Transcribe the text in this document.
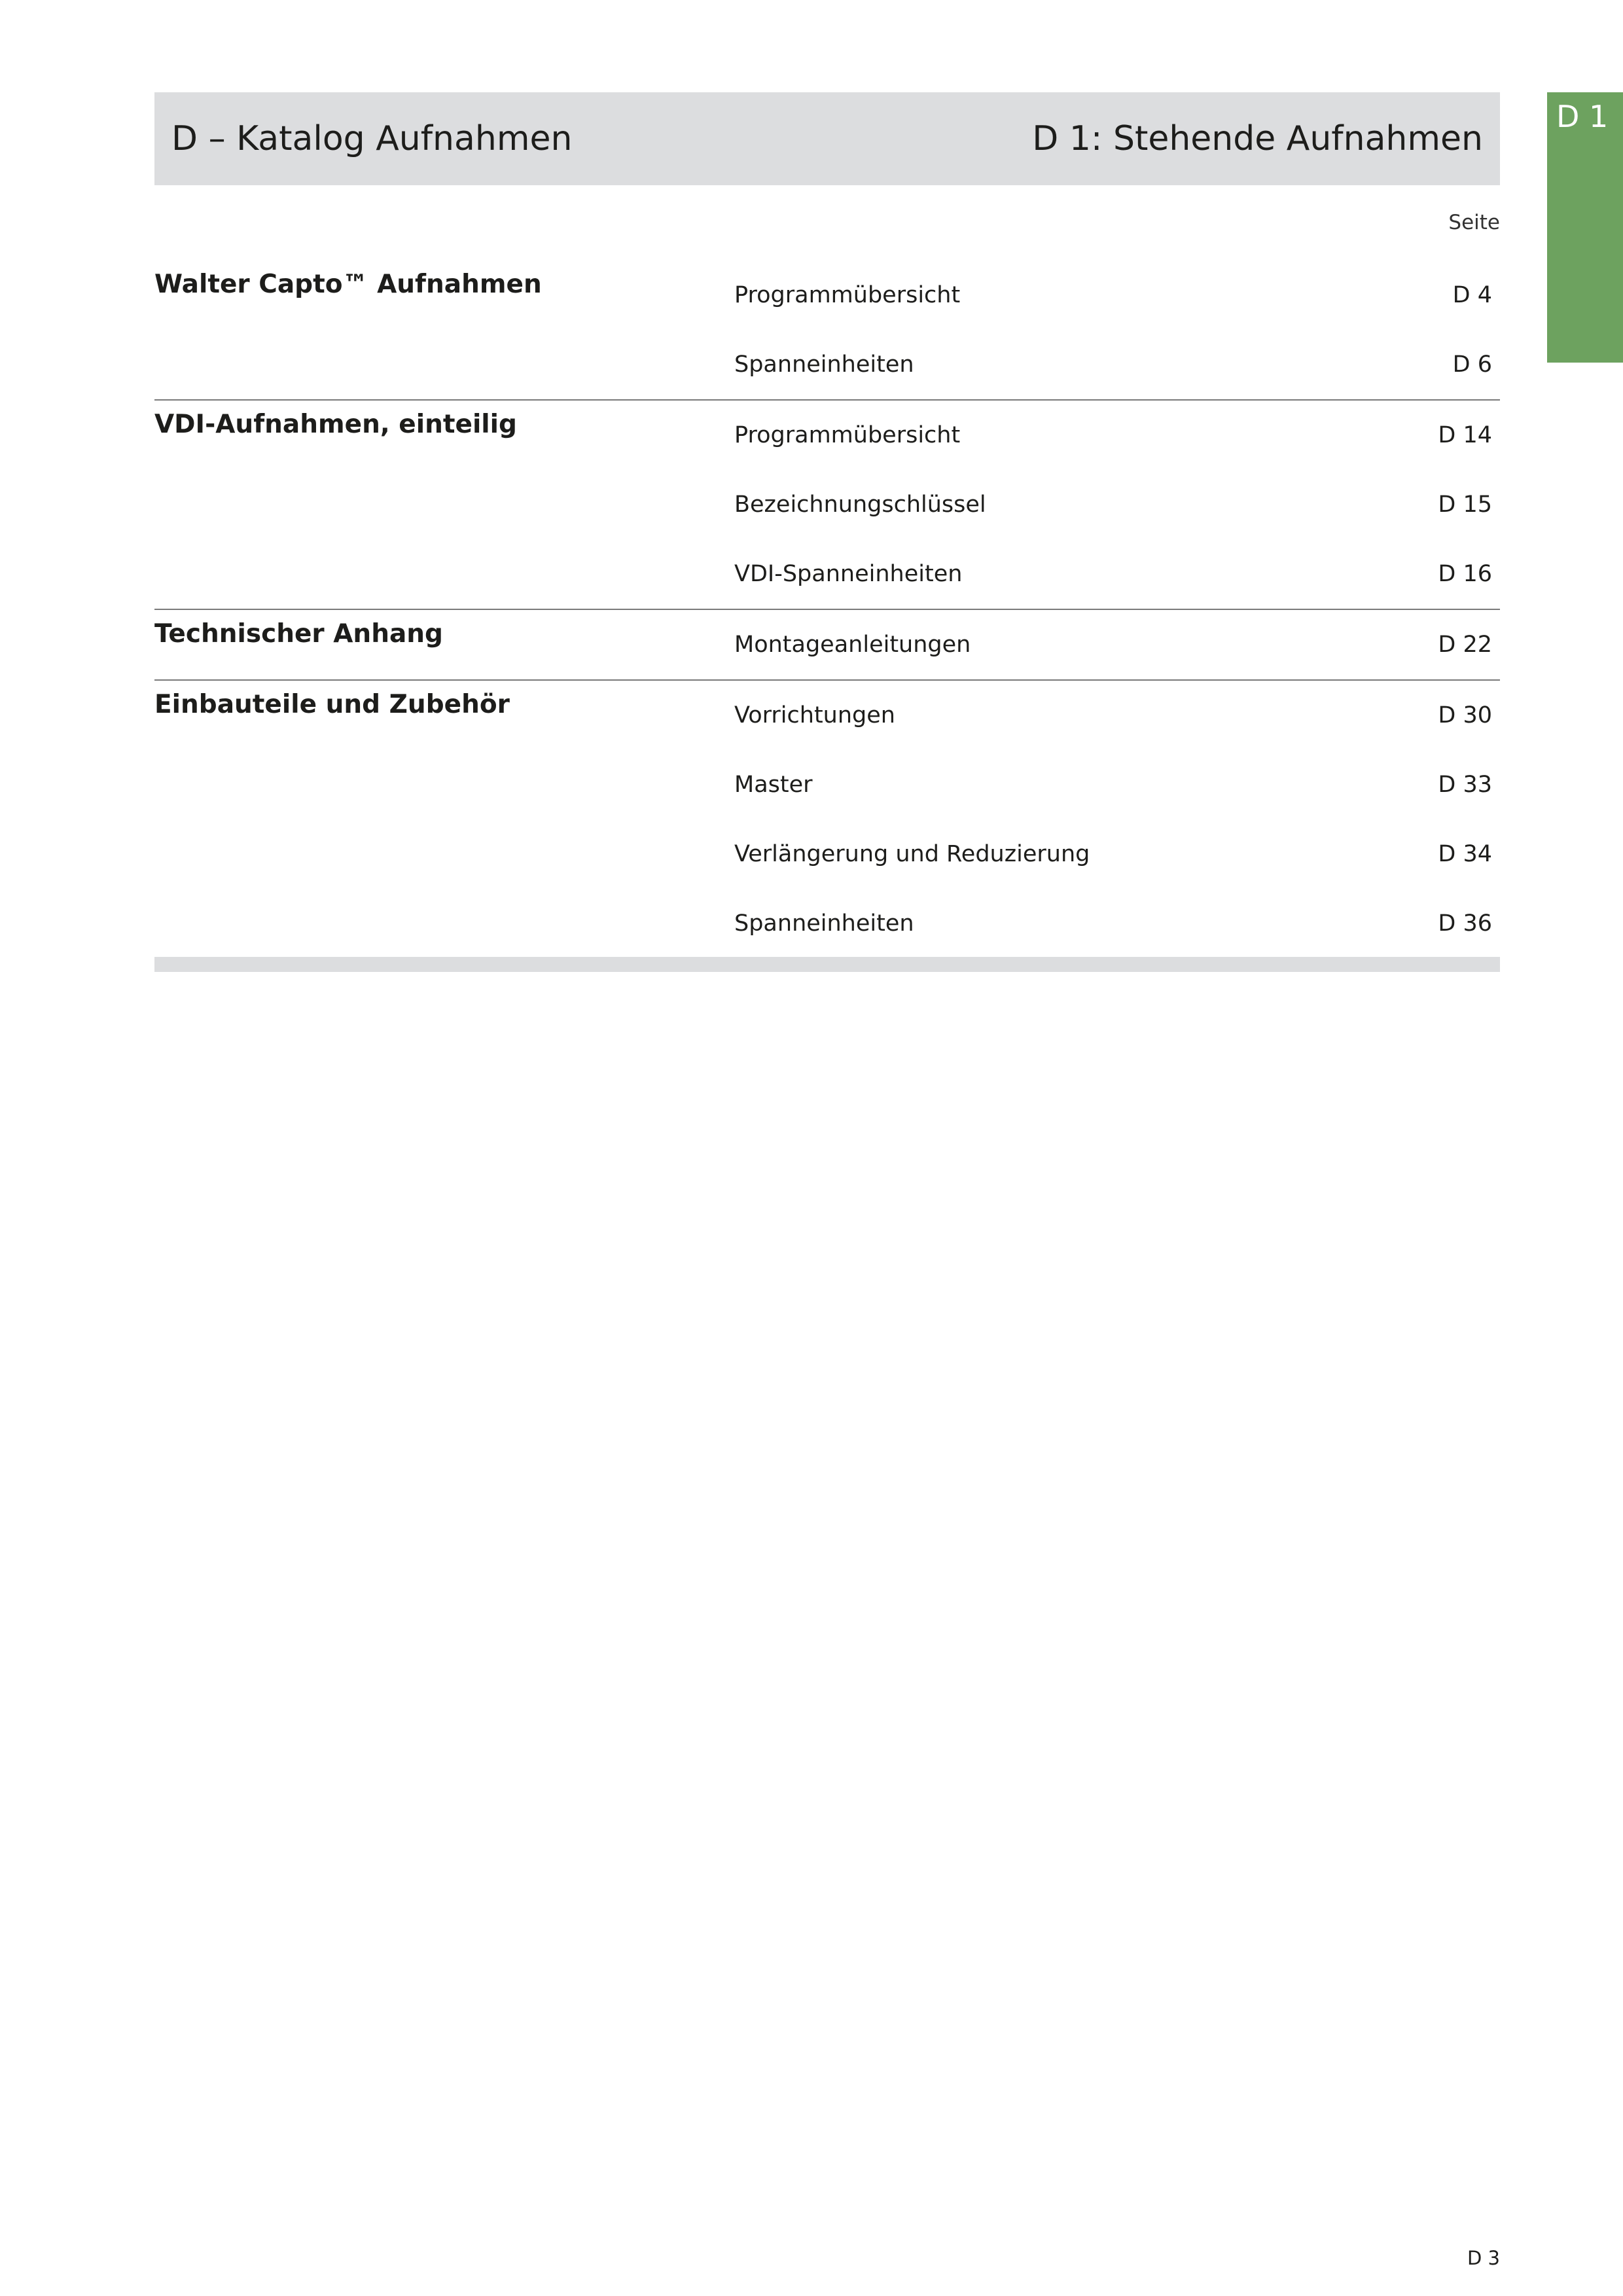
D – Katalog Aufnahmen	D 1: Stehende Aufnahmen
D 1
Seite
Walter Capto™ Aufnahmen	Programmübersicht	D 4
Spanneinheiten	D 6
VDI-Aufnahmen, einteilig	Programmübersicht	D 14
Bezeichnungschlüssel	D 15
VDI-Spanneinheiten	D 16
Technischer Anhang	Montageanleitungen	D 22
Einbauteile und Zubehör	Vorrichtungen	D 30
Master	D 33
Verlängerung und Reduzierung	D 34
Spanneinheiten	D 36
D 3
